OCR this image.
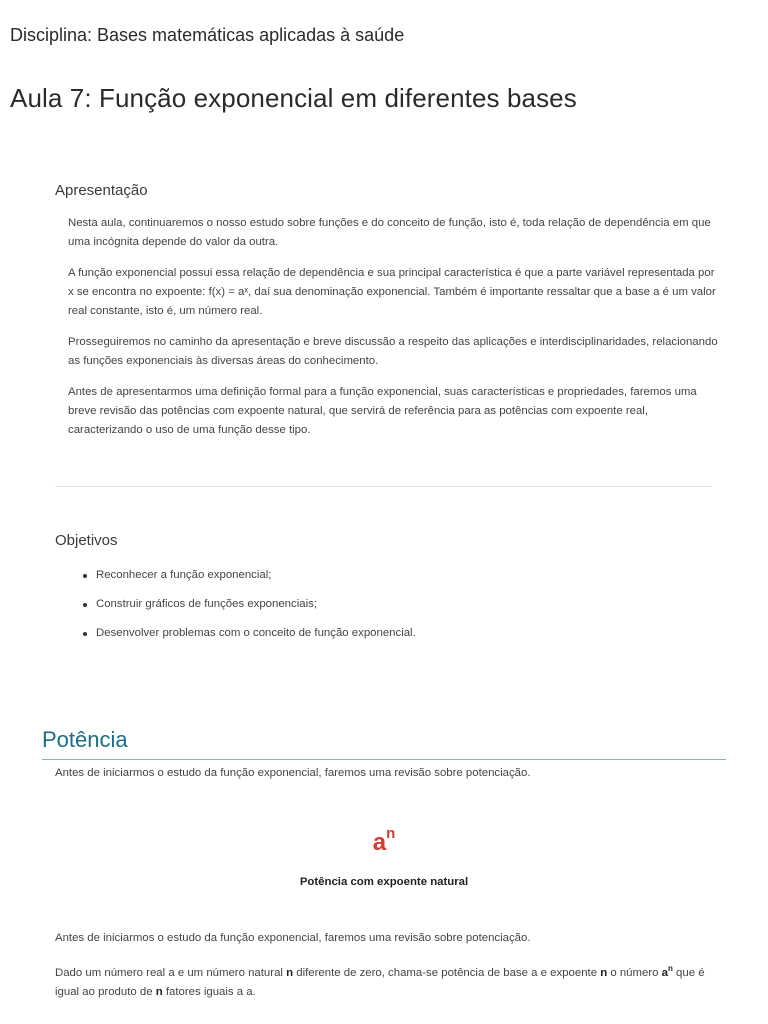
Disciplina: Bases matemáticas aplicadas à saúde
Aula 7: Função exponencial em diferentes bases
Apresentação

Nesta aula, continuaremos o nosso estudo sobre funções e do conceito de função, isto é, toda relação de dependência em que uma incógnita depende do valor da outra.

A função exponencial possui essa relação de dependência e sua principal característica é que a parte variável representada por x se encontra no expoente: f(x) = aˣ, daí sua denominação exponencial. Também é importante ressaltar que a base a é um valor real constante, isto é, um número real.

Prosseguiremos no caminho da apresentação e breve discussão a respeito das aplicações e interdisciplinaridades, relacionando as funções exponenciais às diversas áreas do conhecimento.

Antes de apresentarmos uma definição formal para a função exponencial, suas características e propriedades, faremos uma breve revisão das potências com expoente natural, que servirá de referência para as potências com expoente real, caracterizando o uso de uma função desse tipo.

Objetivos
Reconhecer a função exponencial;
Construir gráficos de funções exponenciais;
Desenvolver problemas com o conceito de função exponencial.
Potência

Antes de iniciarmos o estudo da função exponencial, faremos uma revisão sobre potenciação.

$a^n$
Potência com expoente natural

Antes de iniciarmos o estudo da função exponencial, faremos uma revisão sobre potenciação.

Dado um número real a e um número natural n diferente de zero, chama-se potência de base a e expoente n o número $a^n$ que é igual ao produto de n fatores iguais a a.
